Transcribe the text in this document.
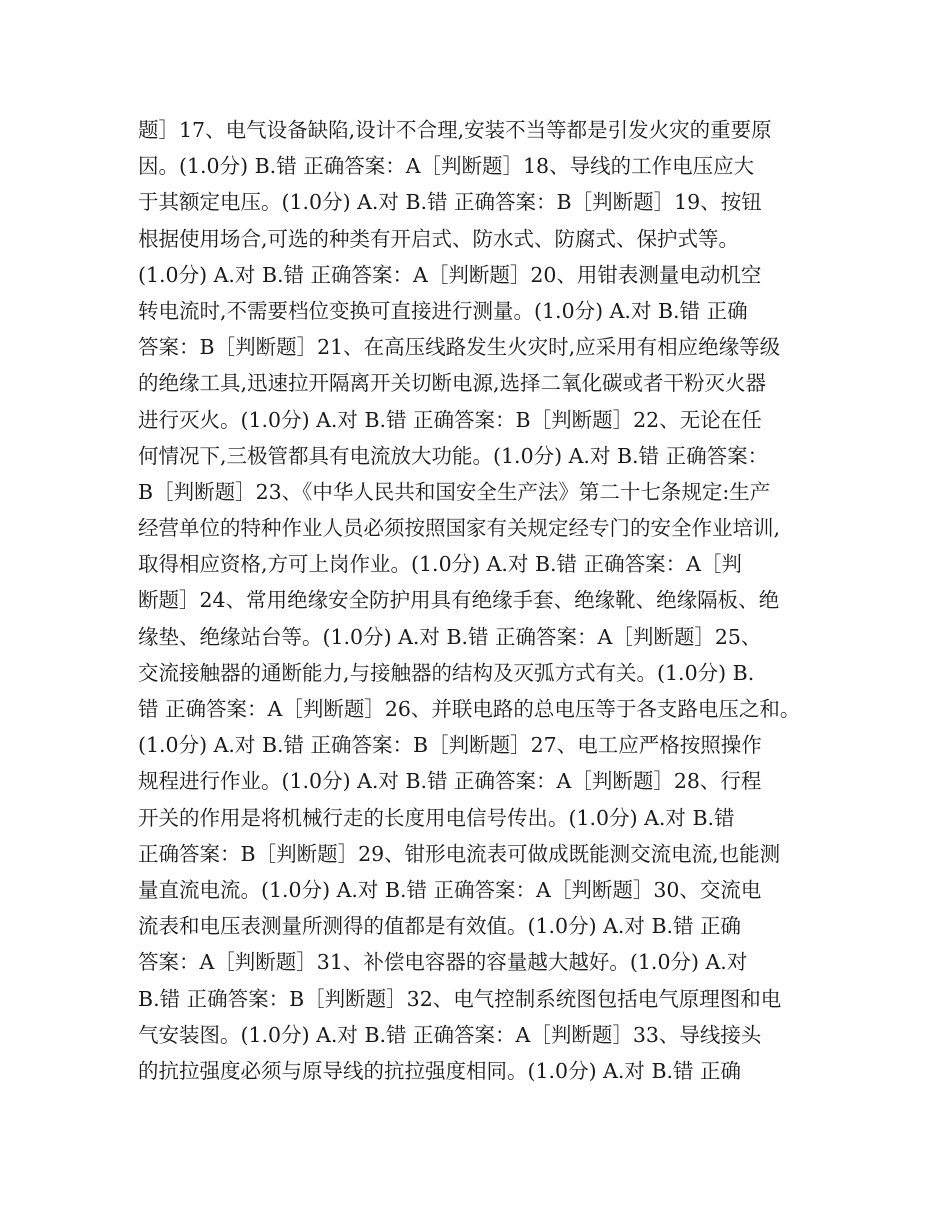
题］17、电气设备缺陷,设计不合理,安装不当等都是引发火灾的重要原
因。(1.0分) B.错 正确答案：A［判断题］18、导线的工作电压应大
于其额定电压。(1.0分) A.对 B.错 正确答案：B［判断题］19、按钮
根据使用场合,可选的种类有开启式、防水式、防腐式、保护式等。
(1.0分) A.对 B.错 正确答案：A［判断题］20、用钳表测量电动机空
转电流时,不需要档位变换可直接进行测量。(1.0分) A.对 B.错 正确
答案：B［判断题］21、在高压线路发生火灾时,应采用有相应绝缘等级
的绝缘工具,迅速拉开隔离开关切断电源,选择二氧化碳或者干粉灭火器
进行灭火。(1.0分) A.对 B.错 正确答案：B［判断题］22、无论在任
何情况下,三极管都具有电流放大功能。(1.0分) A.对 B.错 正确答案：
B［判断题］23、《中华人民共和国安全生产法》第二十七条规定:生产
经营单位的特种作业人员必须按照国家有关规定经专门的安全作业培训,
取得相应资格,方可上岗作业。(1.0分) A.对 B.错 正确答案：A［判
断题］24、常用绝缘安全防护用具有绝缘手套、绝缘靴、绝缘隔板、绝
缘垫、绝缘站台等。(1.0分) A.对 B.错 正确答案：A［判断题］25、
交流接触器的通断能力,与接触器的结构及灭弧方式有关。(1.0分) B.
错 正确答案：A［判断题］26、并联电路的总电压等于各支路电压之和。
(1.0分) A.对 B.错 正确答案：B［判断题］27、电工应严格按照操作
规程进行作业。(1.0分) A.对 B.错 正确答案：A［判断题］28、行程
开关的作用是将机械行走的长度用电信号传出。(1.0分) A.对 B.错
正确答案：B［判断题］29、钳形电流表可做成既能测交流电流,也能测
量直流电流。(1.0分) A.对 B.错 正确答案：A［判断题］30、交流电
流表和电压表测量所测得的值都是有效值。(1.0分) A.对 B.错 正确
答案：A［判断题］31、补偿电容器的容量越大越好。(1.0分) A.对
B.错 正确答案：B［判断题］32、电气控制系统图包括电气原理图和电
气安装图。(1.0分) A.对 B.错 正确答案：A［判断题］33、导线接头
的抗拉强度必须与原导线的抗拉强度相同。(1.0分) A.对 B.错 正确
